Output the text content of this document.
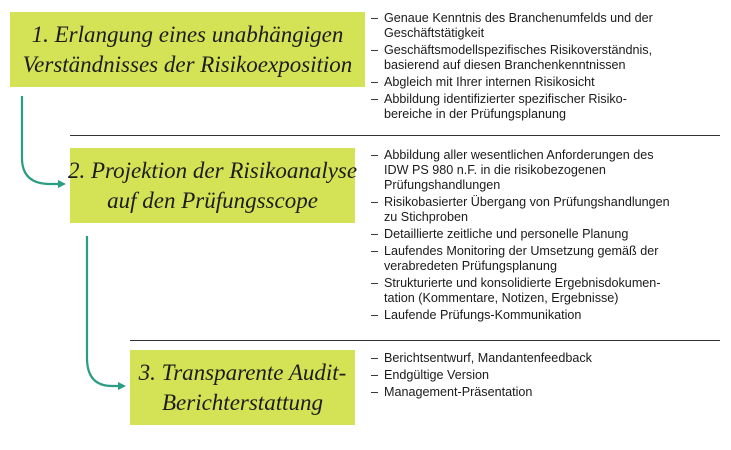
1. Erlangung eines unabhängigen
Verständnisses der Risikoexposition
– Genaue Kenntnis des Branchenumfelds und der
Geschäftstätigkeit
– Geschäftsmodellspezifisches Risikoverständnis,
basierend auf diesen Branchenkenntnissen
– Abgleich mit Ihrer internen Risikosicht
– Abbildung identifizierter spezifischer Risiko-
bereiche in der Prüfungsplanung
2. Projektion der Risikoanalyse
auf den Prüfungsscope
– Abbildung aller wesentlichen Anforderungen des
IDW PS 980 n.F. in die risikobezogenen
Prüfungshandlungen
– Risikobasierter Übergang von Prüfungshandlungen
zu Stichproben
– Detaillierte zeitliche und personelle Planung
– Laufendes Monitoring der Umsetzung gemäß der
verabredeten Prüfungsplanung
– Strukturierte und konsolidierte Ergebnisdokumen-
tation (Kommentare, Notizen, Ergebnisse)
– Laufende Prüfungs-Kommunikation
3. Transparente Audit-
Berichterstattung
– Berichtsentwurf, Mandantenfeedback
– Endgültige Version
– Management-Präsentation
